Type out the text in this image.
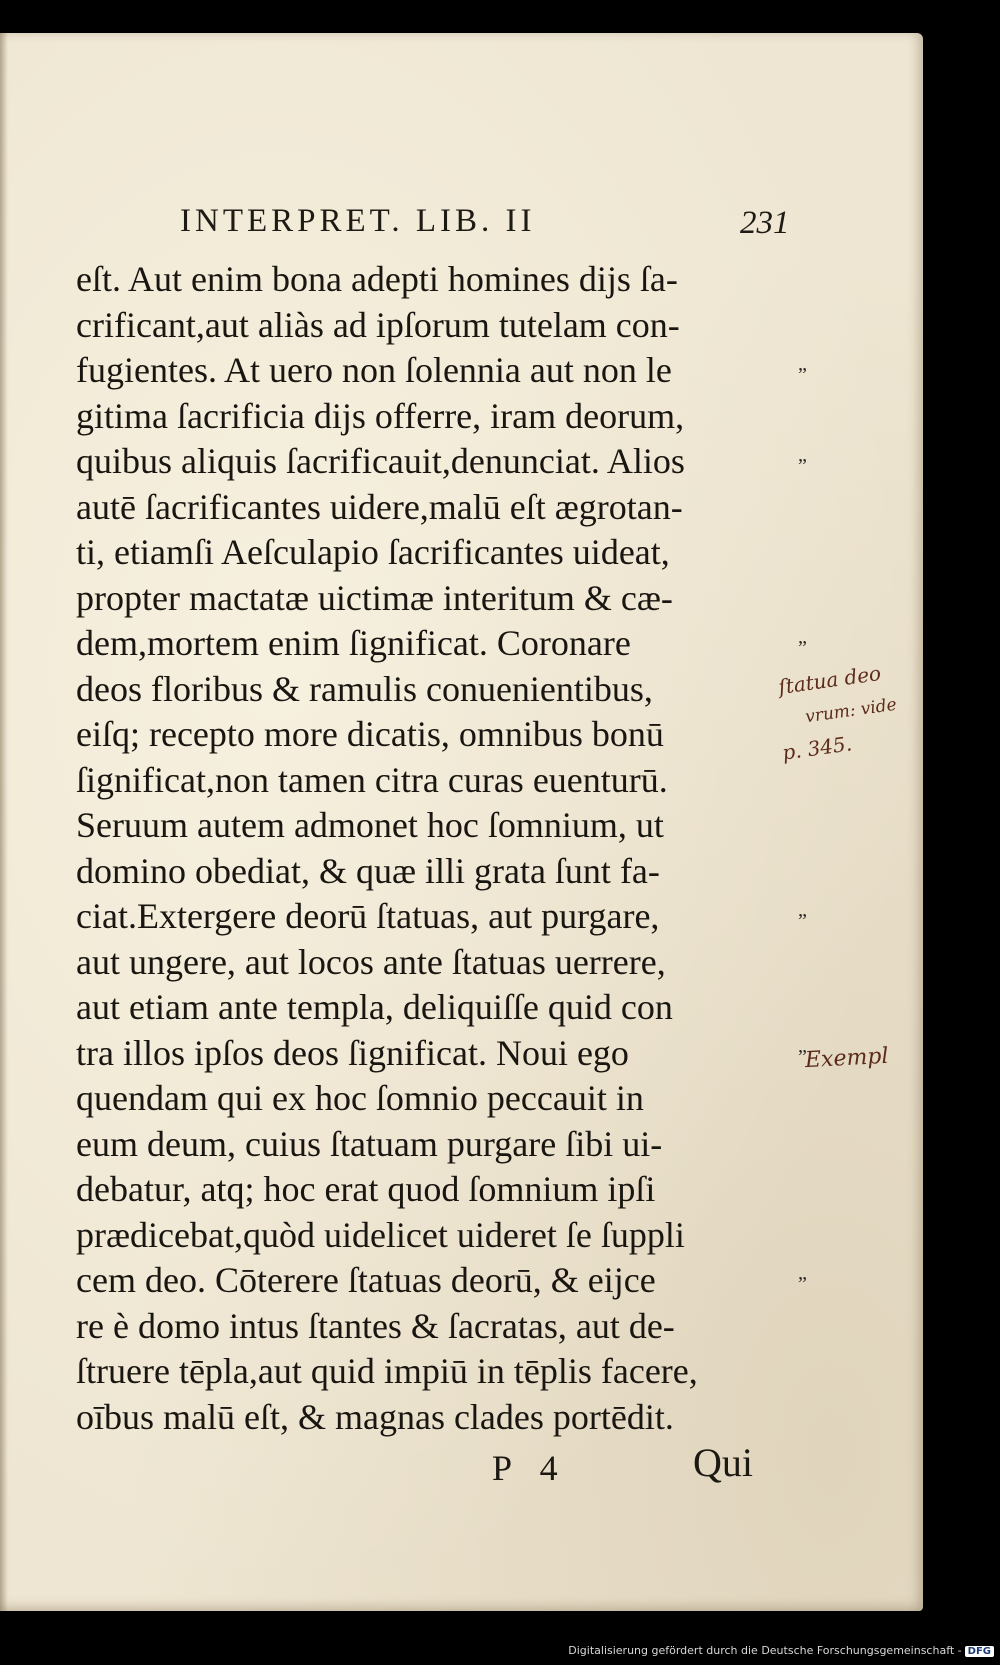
INTERPRET. LIB. II	231
eſt. Aut enim bona adepti homines dijs ſa-
crificant,aut aliàs ad ipſorum tutelam con-
fugientes. At uero non ſolennia aut non le
gitima ſacrificia dijs offerre, iram deorum,
quibus aliquis ſacrificauit,denunciat. Alios
autē ſacrificantes uidere,malū eſt ægrotan-
ti, etiamſi Aeſculapio ſacrificantes uideat,
propter mactatæ uictimæ interitum & cæ-
dem,mortem enim ſignificat. Coronare
deos floribus & ramulis conuenientibus,
eiſq; recepto more dicatis, omnibus bonū
ſignificat,non tamen citra curas euenturū.
Seruum autem admonet hoc ſomnium, ut
domino obediat, & quæ illi grata ſunt fa-
ciat.Extergere deorū ſtatuas, aut purgare,
aut ungere, aut locos ante ſtatuas uerrere,
aut etiam ante templa, deliquiſſe quid con
tra illos ipſos deos ſignificat. Noui ego
quendam qui ex hoc ſomnio peccauit in
eum deum, cuius ſtatuam purgare ſibi ui-
debatur, atq; hoc erat quod ſomnium ipſi
prædicebat,quòd uidelicet uideret ſe ſuppli
cem deo. Cōterere ſtatuas deorū, & eijce
re è domo intus ſtantes & ſacratas, aut de-
ſtruere tēpla,aut quid impiū in tēplis facere,
oībus malū eſt, & magnas clades portēdit.
„
„
„
„
„
„
ſtatua deo
vrum: vide
p. 345.
Exempl
P 4	Qui
Digitalisierung gefördert durch die Deutsche Forschungsgemeinschaft - DFG
